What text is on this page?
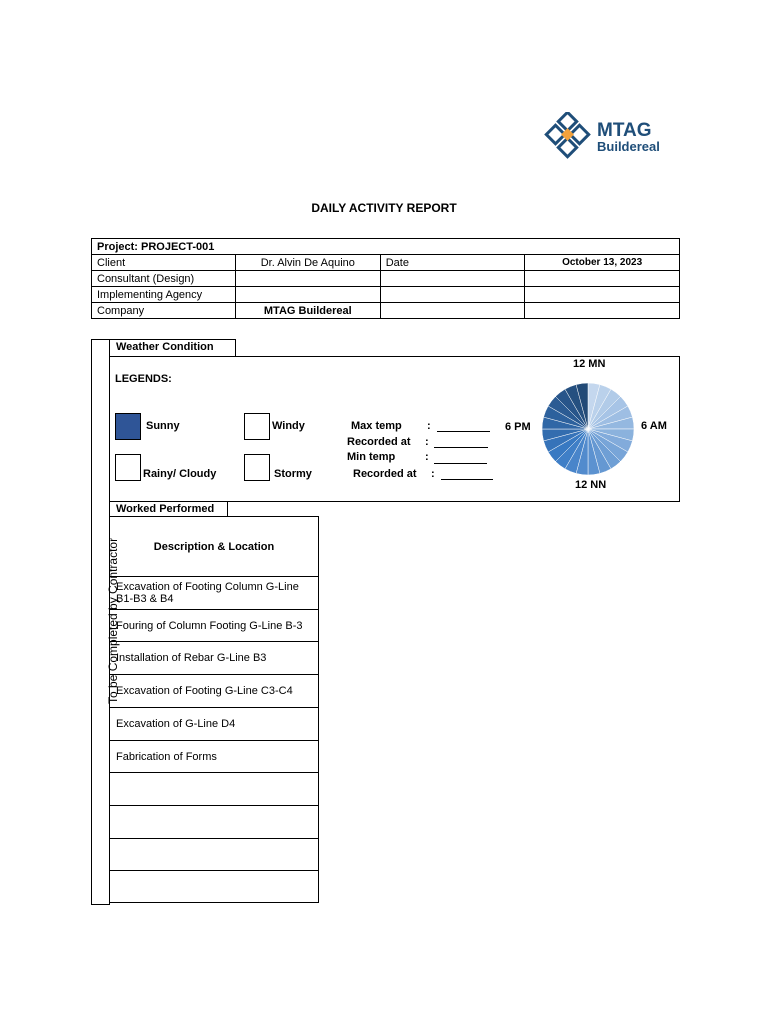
MTAG
Buildereal
DAILY ACTIVITY REPORT
Project: PROJECT-001			
Client	Dr. Alvin De Aquino	Date	October 13, 2023
Consultant (Design)			
Implementing Agency			
Company	MTAG Buildereal		
To be Completed by Contractor
Weather Condition
LEGENDS:
Sunny	Windy
Rainy/ Cloudy	Stormy
Max temp :
Recorded at :
Min temp	:
Recorded at :
12 MN
6 AM
12 NN
6 PM
Worked Performed
Description & Location
Excavation of Footing Column G-Line B1-B3 & B4
Fouring of Column Footing G-Line B-3
Installation of Rebar G-Line B3
Excavation of Footing G-Line C3-C4
Excavation of G-Line D4
Fabrication of Forms
